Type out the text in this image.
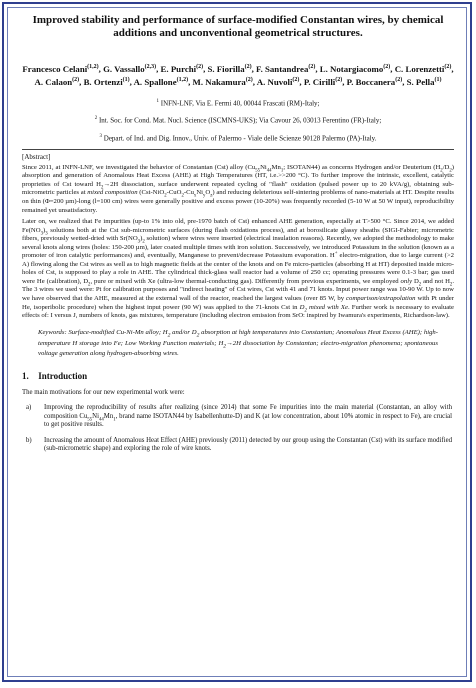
Improved stability and performance of surface-modified Constantan wires, by chemical additions and unconventional geometrical structures.
Francesco Celani$^{(1,2)}$, G. Vassallo$^{(2,3)}$, E. Purchi$^{(2)}$, S. Fiorilla$^{(2)}$, F. Santandrea$^{(2)}$, L. Notargiacomo$^{(2)}$, C. Lorenzetti$^{(2)}$, A. Calaon$^{(2)}$, B. Ortenzi$^{(1)}$, A. Spallone$^{(1,2)}$, M. Nakamura$^{(2)}$, A. Nuvoli$^{(2)}$, P. Cirilli$^{(2)}$, P. Boccanera$^{(2)}$, S. Pella$^{(1)}$
$^1$ INFN-LNF, Via E. Fermi 40, 00044 Frascati (RM)-Italy;
$^2$ Int. Soc. for Cond. Mat. Nucl. Science (ISCMNS-UKS); Via Cavour 26, 03013 Ferentino (FR)-Italy;
$^3$ Depart. of Ind. and Dig. Innov., Univ. of Palermo - Viale delle Scienze 90128 Palermo (PA)-Italy.
[Abstract]

Since 2011, at INFN-LNF, we investigated the behavior of Constantan (Cst) alloy ($Cu_{55}Ni_{44}Mn_1$; ISOTAN44) as concerns Hydrogen and/or Deuterium $(H_2/D_2)$ absorption and generation of Anomalous Heat Excess (AHE) at High Temperatures (HT, i.e.>>200 °C). To further improve the intrinsic, excellent, catalytic proprieties of Cst toward $H_2\to 2H$ dissociation, surface underwent repeated cycling of "flash" oxidation (pulsed power up to 20 kVA/g), obtaining sub-micrometric particles at mixed composition $(Cst-NiO_2-CuO_2-Cu_xNi_yO_z)$ and reducing deleterious self-sintering problems of nano-materials at HT. Despite results on thin (Φ=200 µm)-long (l=100 cm) wires were generally positive and excess power (10-20%) was frequently recorded (5-10 W at 50 W input), reproducibility remained yet unsatisfactory.

Later on, we realized that Fe impurities (up-to 1% into old, pre-1970 batch of Cst) enhanced AHE generation, especially at T>500 °C. Since 2014, we added $Fe(NO_3)_3$ solutions both at the Cst sub-micrometric surfaces (during flash oxidations process), and at borosilicate glassy sheaths (SIGI-Fabier; micrometric fibers, previously wetted-dried with $Sr(NO_3)_2$ solution) where wires were inserted (electrical insulation reasons). Recently, we adopted the methodology to make several knots along wires (holes: 150-200 µm), later coated multiple times with iron solution. Successively, we introduced Potassium in the solution (known as a promoter of iron catalytic performances) and, eventually, Manganese to prevent/decrease Potassium evaporation. H+ electro-migration, due to large current (>2 A) flowing along the Cst wires as well as to high magnetic fields at the center of the knots and on Fe micro-particles (absorbing H at HT) deposited inside micro-holes of Cst, is supposed to play a role in AHE. The cylindrical thick-glass wall reactor had a volume of 250 cc; operating pressures were 0.1-3 bar; gas used were He (calibration), $D_2$, pure or mixed with Xe (ultra-low thermal-conducting gas). Differently from previous experiments, we employed only $D_2$ and not $H_2$. The 3 wires we used were: Pt for calibration purposes and "indirect heating" of Cst wires, Cst with 41 and 71 knots. Input power range was 10-90 W. Up to now we have observed that the AHE, measured at the external wall of the reactor, reached the largest values (over 85 W, by comparison/extrapolation with Pt under He, isoperibolic procedure) when the highest input power (90 W) was applied to the 71-knots Cst in $D_2$ mixed with Xe. Further work is necessary to evaluate effects of: I versus J, numbers of knots, gas mixtures, temperature (including electron emission from SrO: inspired by Iwamura's experiments, Richardson-law).

Keywords: Surface-modified Cu-Ni-Mn alloy; $H_2$ and/or $D_2$ absorption at high temperatures into Constantan; Anomalous Heat Excess (AHE); high-temperature H storage into Fe; Low Working Function materials; $H_2\to 2H$ dissociation by Constantan; electro-migration phenomena; spontaneous voltage generation along hydrogen-absorbing wires.
1. Introduction
The main motivations for our new experimental work were:
a)	Improving the reproducibility of results after realizing (since 2014) that some Fe impurities into the main material (Constantan, an alloy with composition $Cu_{55}Ni_{44}Mn_1$, brand name ISOTAN44 by Isabellenhutte-D) and K (at low concentration, about 10% atomic in respect to Fe), are crucial to get positive results.
b)	Increasing the amount of Anomalous Heat Effect (AHE) previously (2011) detected by our group using the Constantan (Cst) with its surface modified (sub-micrometric shape) and exploring the role of wire knots.
